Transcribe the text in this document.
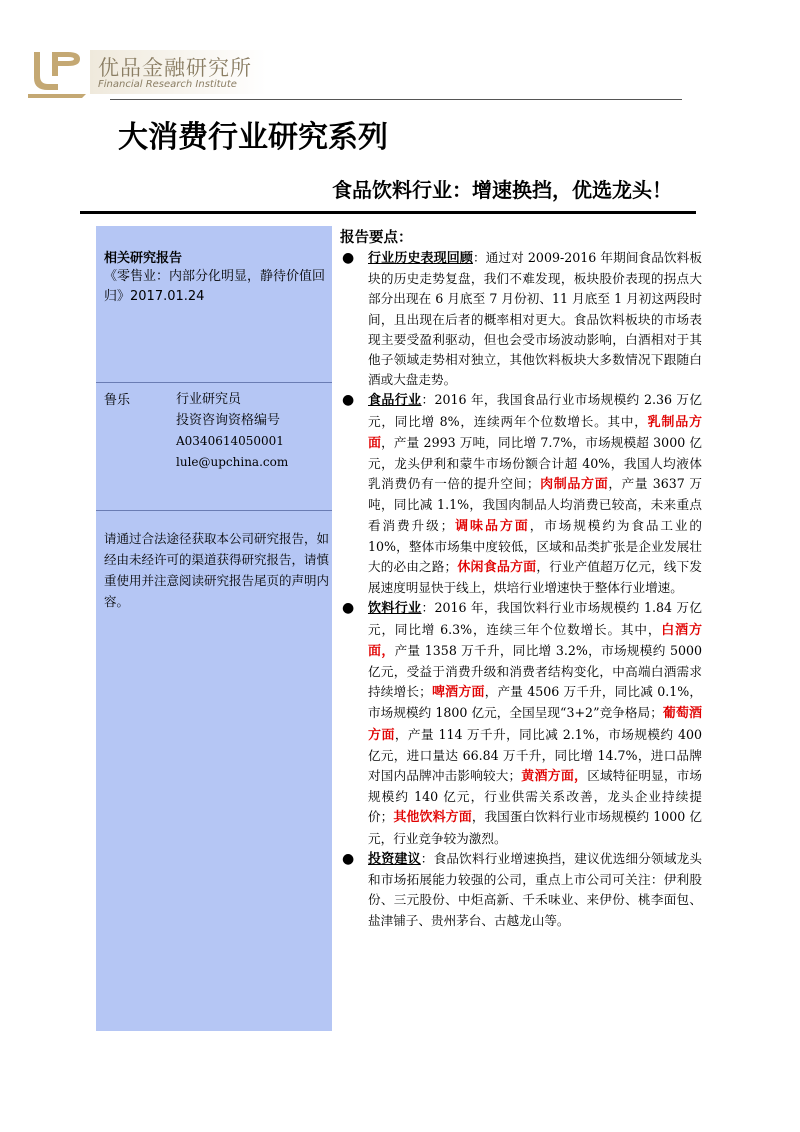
优品金融研究所
Financial Research Institute
大消费行业研究系列
食品饮料行业：增速换挡，优选龙头！
相关研究报告
《零售业：内部分化明显，静待价值回归》2017.01.24
鲁乐	行业研究员
投资咨询资格编号
A0340614050001
lule@upchina.com
请通过合法途径获取本公司研究报告，如经由未经许可的渠道获得研究报告，请慎重使用并注意阅读研究报告尾页的声明内容。
报告要点：
● 行业历史表现回顾：通过对 2009-2016 年期间食品饮料板块的历史走势复盘，我们不难发现，板块股价表现的拐点大部分出现在 6 月底至 7 月份初、11 月底至 1 月初这两段时间，且出现在后者的概率相对更大。食品饮料板块的市场表现主要受盈利驱动，但也会受市场波动影响，白酒相对于其他子领域走势相对独立，其他饮料板块大多数情况下跟随白酒或大盘走势。
● 食品行业：2016 年，我国食品行业市场规模约 2.36 万亿元，同比增 8%，连续两年个位数增长。其中，乳制品方面，产量 2993 万吨，同比增 7.7%，市场规模超 3000 亿元，龙头伊利和蒙牛市场份额合计超 40%，我国人均液体乳消费仍有一倍的提升空间；肉制品方面，产量 3637 万吨，同比减 1.1%，我国肉制品人均消费已较高，未来重点看消费升级；调味品方面，市场规模约为食品工业的 10%，整体市场集中度较低，区域和品类扩张是企业发展壮大的必由之路；休闲食品方面，行业产值超万亿元，线下发展速度明显快于线上，烘培行业增速快于整体行业增速。
● 饮料行业：2016 年，我国饮料行业市场规模约 1.84 万亿元，同比增 6.3%，连续三年个位数增长。其中，白酒方面，产量 1358 万千升，同比增 3.2%，市场规模约 5000 亿元，受益于消费升级和消费者结构变化，中高端白酒需求持续增长；啤酒方面，产量 4506 万千升，同比减 0.1%，市场规模约 1800 亿元，全国呈现“3+2”竞争格局；葡萄酒方面，产量 114 万千升，同比减 2.1%，市场规模约 400 亿元，进口量达 66.84 万千升，同比增 14.7%，进口品牌对国内品牌冲击影响较大；黄酒方面，区域特征明显，市场规模约 140 亿元，行业供需关系改善，龙头企业持续提价；其他饮料方面，我国蛋白饮料行业市场规模约 1000 亿元，行业竞争较为激烈。
● 投资建议：食品饮料行业增速换挡，建议优选细分领域龙头和市场拓展能力较强的公司，重点上市公司可关注：伊利股份、三元股份、中炬高新、千禾味业、来伊份、桃李面包、盐津铺子、贵州茅台、古越龙山等。
